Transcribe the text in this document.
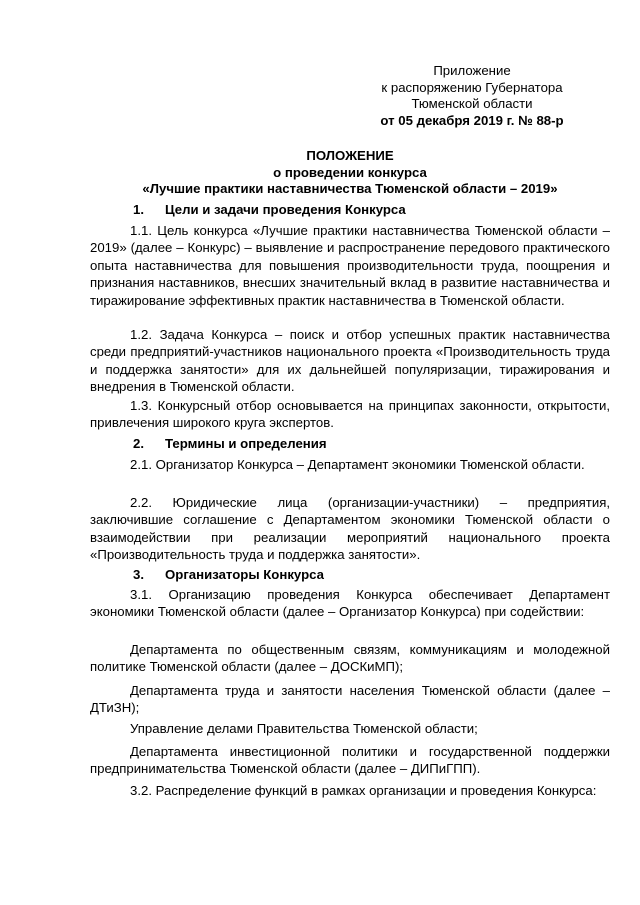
Приложение
к распоряжению Губернатора
Тюменской области
от 05 декабря 2019 г. № 88-р
ПОЛОЖЕНИЕ
о проведении конкурса
«Лучшие практики наставничества Тюменской области – 2019»
1. Цели и задачи проведения Конкурса
1.1. Цель конкурса «Лучшие практики наставничества Тюменской области – 2019» (далее – Конкурс) – выявление и распространение передового практического опыта наставничества для повышения производительности труда, поощрения и признания наставников, внесших значительный вклад в развитие наставничества и тиражирование эффективных практик наставничества в Тюменской области.
1.2. Задача Конкурса – поиск и отбор успешных практик наставничества среди предприятий-участников национального проекта «Производительность труда и поддержка занятости» для их дальнейшей популяризации, тиражирования и внедрения в Тюменской области.
1.3. Конкурсный отбор основывается на принципах законности, открытости, привлечения широкого круга экспертов.
2. Термины и определения
2.1. Организатор Конкурса – Департамент экономики Тюменской области.
2.2. Юридические лица (организации-участники) – предприятия, заключившие соглашение с Департаментом экономики Тюменской области о взаимодействии при реализации мероприятий национального проекта «Производительность труда и поддержка занятости».
3. Организаторы Конкурса
3.1. Организацию проведения Конкурса обеспечивает Департамент экономики Тюменской области (далее – Организатор Конкурса) при содействии:
Департамента по общественным связям, коммуникациям и молодежной политике Тюменской области (далее – ДОСКиМП);
Департамента труда и занятости населения Тюменской области (далее – ДТиЗН);
Управление делами Правительства Тюменской области;
Департамента инвестиционной политики и государственной поддержки предпринимательства Тюменской области (далее – ДИПиГПП).
3.2. Распределение функций в рамках организации и проведения Конкурса:
